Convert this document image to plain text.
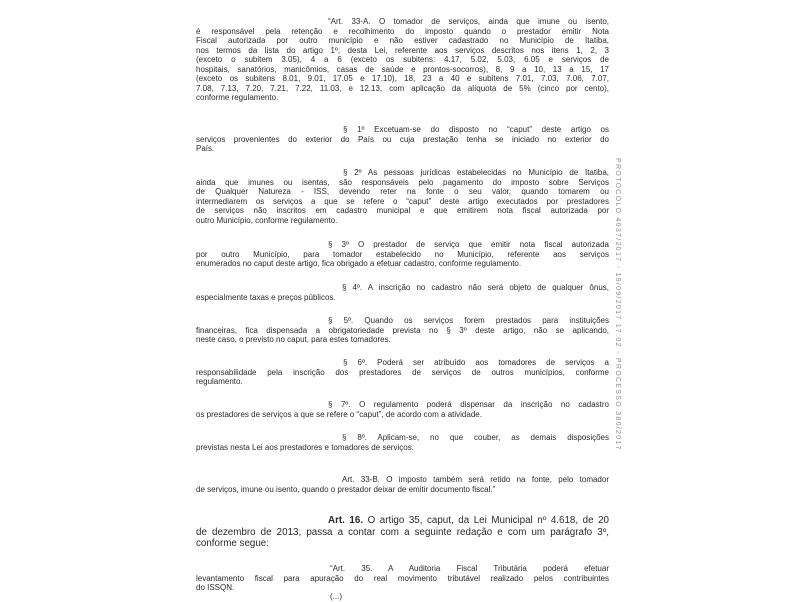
“Art. 33-A. O tomador de serviços, ainda que imune ou isento,
é responsável pela retenção e recolhimento do imposto quando o prestador emitir Nota
Fiscal autorizada por outro município e não estiver cadastrado no Município de Itatiba,
nos termos da lista do artigo 1º, desta Lei, referente aos serviços descritos nos itens 1, 2, 3
(exceto o subitem 3.05), 4 a 6 (exceto os subitens: 4.17, 5.02, 5.03, 6.05 e serviços de
hospitais, sanatórios, manicômios, casas de saúde e prontos-socorros), 8, 9 a 10, 13 a 15, 17
(exceto os subitens 8.01, 9.01, 17.05 e 17.10), 18, 23 a 40 e subitens 7.01, 7.03, 7.06, 7.07,
7.08, 7.13, 7.20, 7.21, 7.22, 11.03, e 12.13, com aplicação da alíquota de 5% (cinco por cento),
conforme regulamento.
§ 1º Excetuam-se do disposto no “caput” deste artigo os
serviços provenientes do exterior do País ou cuja prestação tenha se iniciado no exterior do
País.
§ 2º As pessoas jurídicas estabelecidas no Município de Itatiba,
ainda que imunes ou isentas, são responsáveis pelo pagamento do imposto sobre Serviços
de Qualquer Natureza - ISS, devendo reter na fonte o seu valor, quando tomarem ou
intermediarem os serviços a que se refere o “caput” deste artigo executados por prestadores
de serviços não inscritos em cadastro municipal e que emitirem nota fiscal autorizada por
outro Município, conforme regulamento.
§ 3º O prestador de serviço que emitir nota fiscal autorizada
por outro Município, para tomador estabelecido no Município, referente aos serviços
enumerados no caput deste artigo, fica obrigado a efetuar cadastro, conforme regulamento.
§ 4º. A inscrição no cadastro não será objeto de qualquer ônus,
especialmente taxas e preços públicos.
§ 5º. Quando os serviços forem prestados para instituições
financeiras, fica dispensada a obrigatoriedade prevista no § 3º deste artigo, não se aplicando,
neste caso, o previsto no caput, para estes tomadores.
§ 6º. Poderá ser atribuído aos tomadores de serviços a
responsabilidade pela inscrição dos prestadores de serviços de outros municípios, conforme
regulamento.
§ 7º. O regulamento poderá dispensar da inscrição no cadastro
os prestadores de serviços a que se refere o “caput”, de acordo com a atividade.
§ 8º. Aplicam-se, no que couber, as demais disposições
previstas nesta Lei aos prestadores e tomadores de serviços.
Art. 33-B. O imposto também será retido na fonte, pelo tomador
de serviços, imune ou isento, quando o prestador deixar de emitir documento fiscal.”
Art. 16. O artigo 35, caput, da Lei Municipal nº 4.618, de 20
de dezembro de 2013, passa a contar com a seguinte redação e com um parágrafo 3º,
conforme segue:
“Art. 35. A Auditoria Fiscal Tributária poderá efetuar
levantamento fiscal para apuração do real movimento tributável realizado pelos contribuintes
do ISSQN.
(...)
PROTOCOLO 4037/2017 - 19/09/2017 17:02 - PROCESSO 380/2017
